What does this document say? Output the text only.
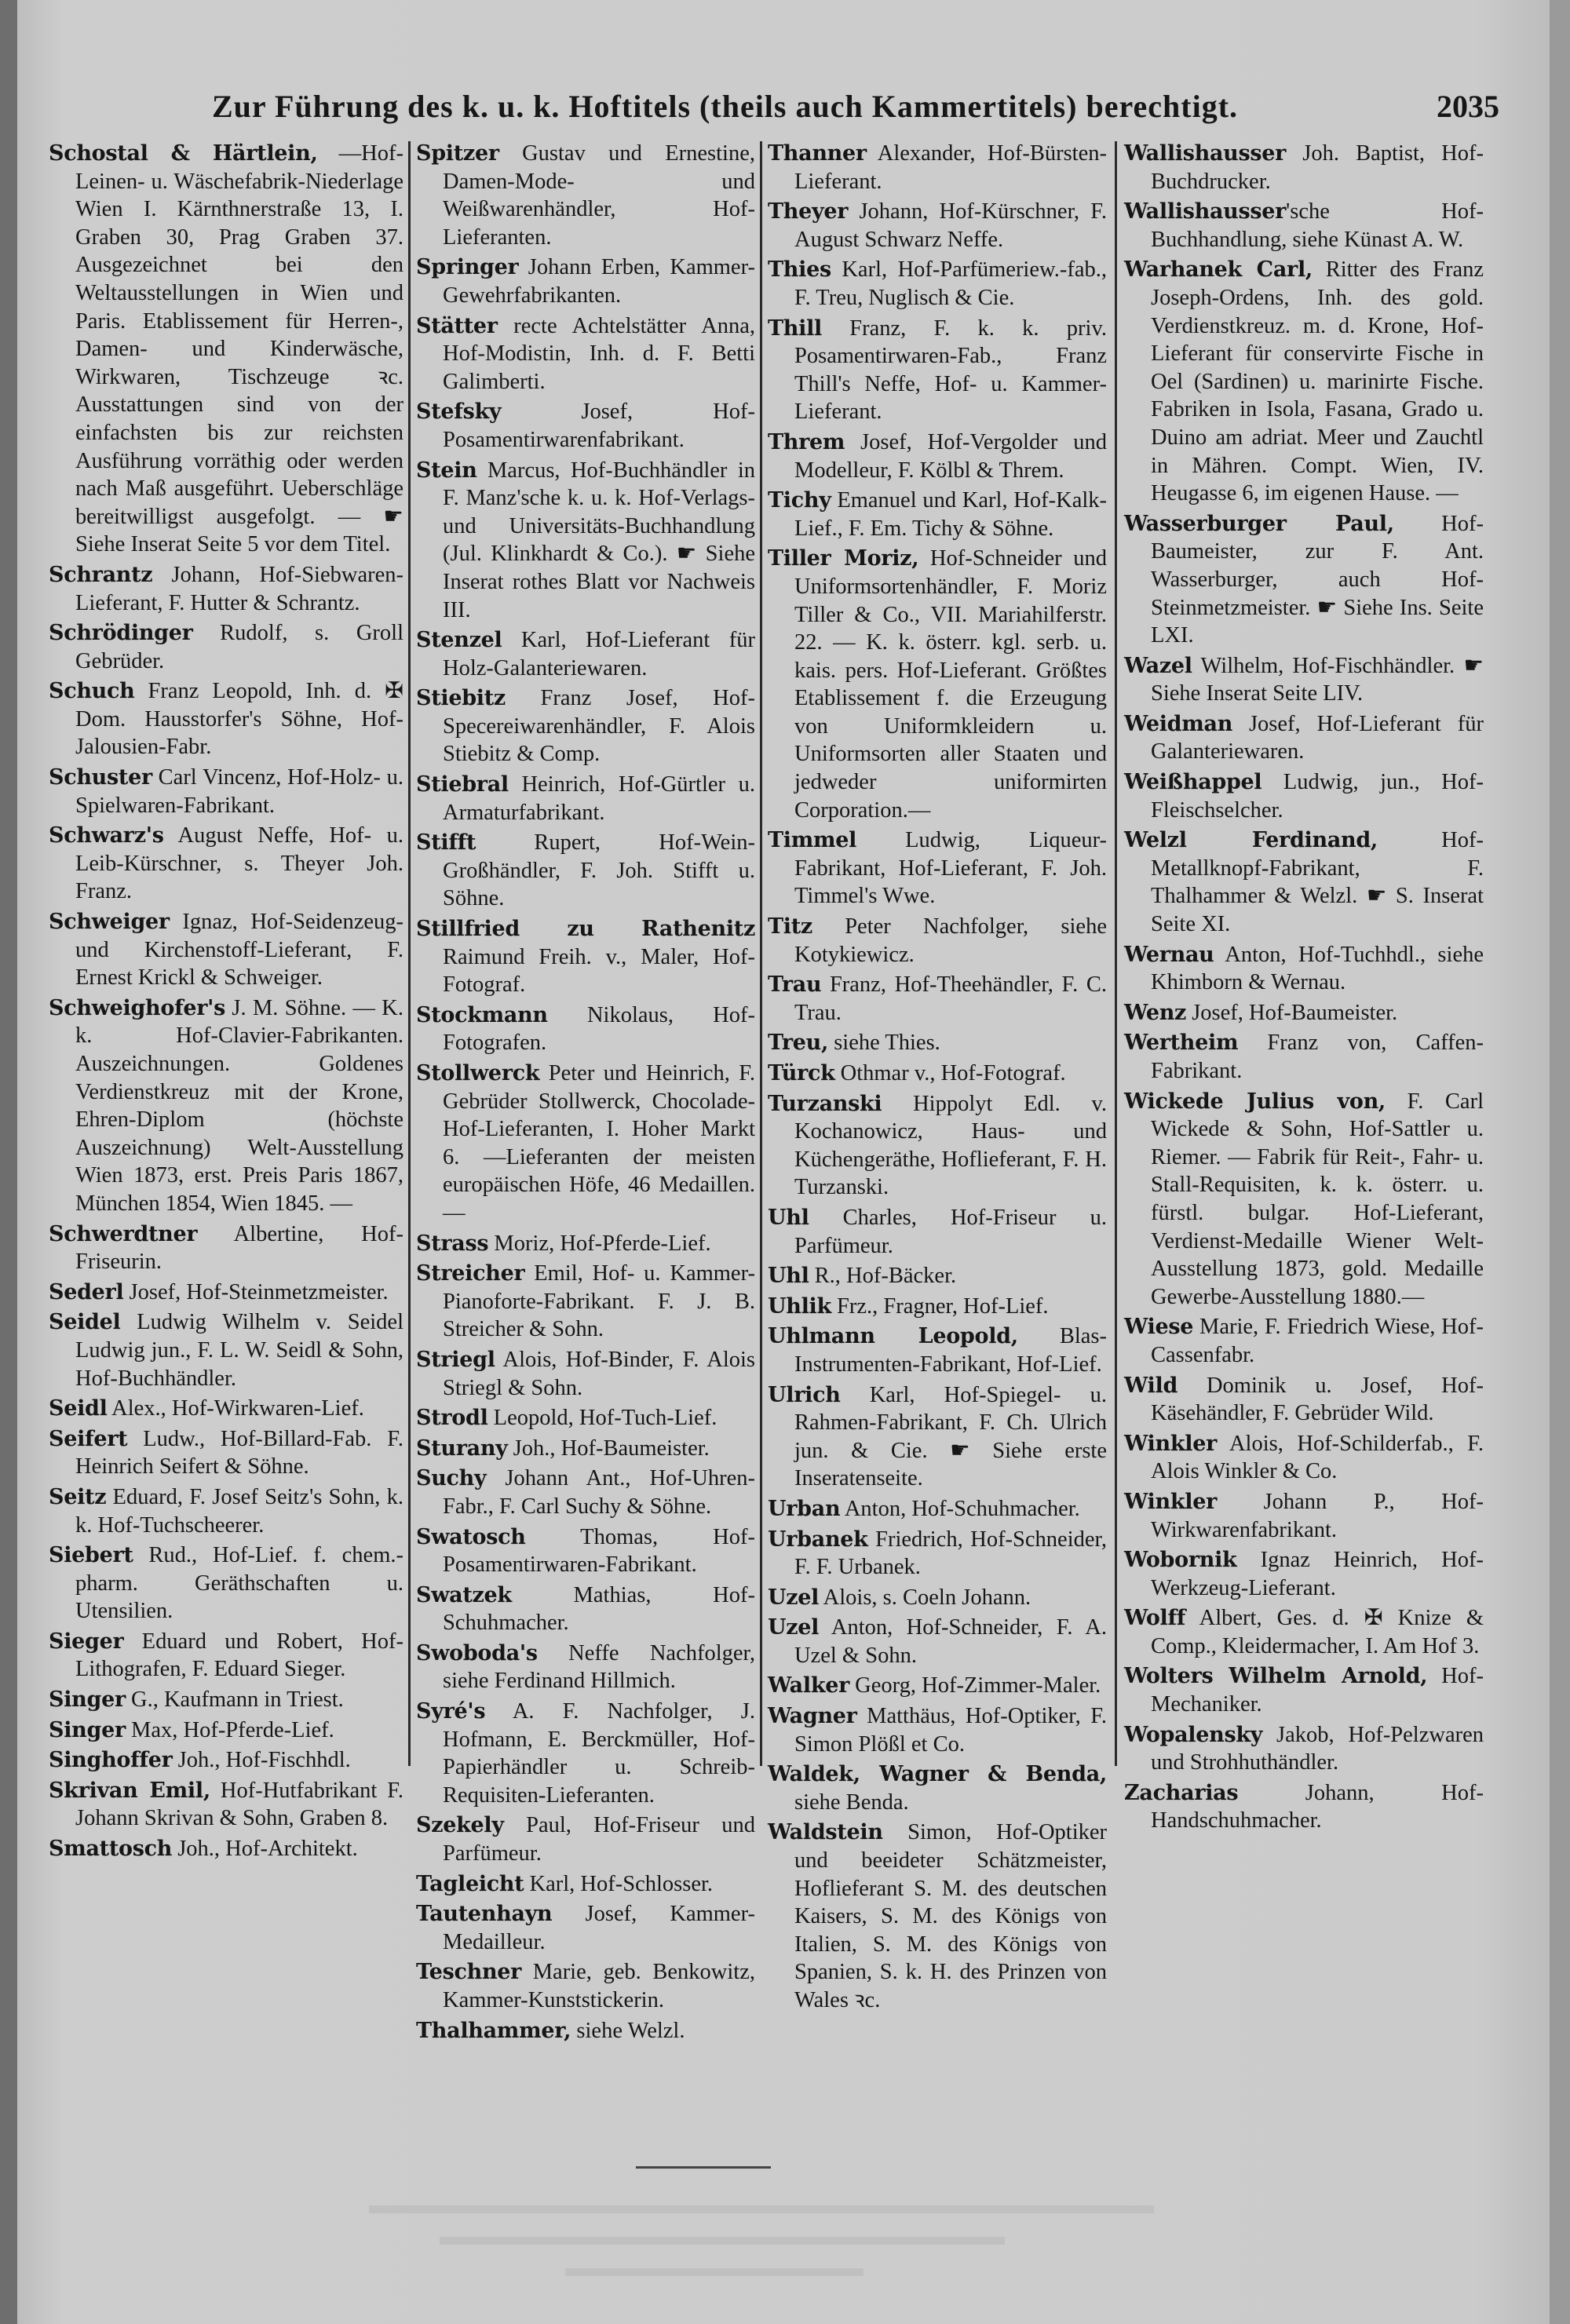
Zur Führung des k. u. k. Hoftitels (theils auch Kammertitels) berechtigt.	2035
Schostal & Härtlein, —Hof-Leinen- u. Wäschefabrik-Niederlage Wien I. Kärnthnerstraße 13, I. Graben 30, Prag Graben 37. Ausgezeichnet bei den Weltausstellungen in Wien und Paris. Etablissement für Herren-, Damen- und Kinderwäsche, Wirkwaren, Tischzeuge ꝛc. Ausstattungen sind von der einfachsten bis zur reichsten Ausführung vorräthig oder werden nach Maß ausgeführt. Ueberschläge bereitwilligst ausgefolgt. — ☛ Siehe Inserat Seite 5 vor dem Titel.
Schrantz Johann, Hof-Siebwaren-Lieferant, F. Hutter & Schrantz.
Schrödinger Rudolf, s. Groll Gebrüder.
Schuch Franz Leopold, Inh. d. ✠ Dom. Hausstorfer's Söhne, Hof-Jalousien-Fabr.
Schuster Carl Vincenz, Hof-Holz- u. Spielwaren-Fabrikant.
Schwarz's August Neffe, Hof- u. Leib-Kürschner, s. Theyer Joh. Franz.
Schweiger Ignaz, Hof-Seidenzeug- und Kirchenstoff-Lieferant, F. Ernest Krickl & Schweiger.
Schweighofer's J. M. Söhne. — K. k. Hof-Clavier-Fabrikanten. Auszeichnungen. Goldenes Verdienstkreuz mit der Krone, Ehren-Diplom (höchste Auszeichnung) Welt-Ausstellung Wien 1873, erst. Preis Paris 1867, München 1854, Wien 1845. —
Schwerdtner Albertine, Hof-Friseurin.
Sederl Josef, Hof-Steinmetzmeister.
Seidel Ludwig Wilhelm v. Seidel Ludwig jun., F. L. W. Seidl & Sohn, Hof-Buchhändler.
Seidl Alex., Hof-Wirkwaren-Lief.
Seifert Ludw., Hof-Billard-Fab. F. Heinrich Seifert & Söhne.
Seitz Eduard, F. Josef Seitz's Sohn, k. k. Hof-Tuchscheerer.
Siebert Rud., Hof-Lief. f. chem.-pharm. Geräthschaften u. Utensilien.
Sieger Eduard und Robert, Hof-Lithografen, F. Eduard Sieger.
Singer G., Kaufmann in Triest.
Singer Max, Hof-Pferde-Lief.
Singhoffer Joh., Hof-Fischhdl.
Skrivan Emil, Hof-Hutfabrikant F. Johann Skrivan & Sohn, Graben 8.
Smattosch Joh., Hof-Architekt.
Spitzer Gustav und Ernestine, Damen-Mode- und Weißwarenhändler, Hof-Lieferanten.
Springer Johann Erben, Kammer-Gewehrfabrikanten.
Stätter recte Achtelstätter Anna, Hof-Modistin, Inh. d. F. Betti Galimberti.
Stefsky Josef, Hof-Posamentirwarenfabrikant.
Stein Marcus, Hof-Buchhändler in F. Manz'sche k. u. k. Hof-Verlags- und Universitäts-Buchhandlung (Jul. Klinkhardt & Co.). ☛ Siehe Inserat rothes Blatt vor Nachweis III.
Stenzel Karl, Hof-Lieferant für Holz-Galanteriewaren.
Stiebitz Franz Josef, Hof-Specereiwarenhändler, F. Alois Stiebitz & Comp.
Stiebral Heinrich, Hof-Gürtler u. Armaturfabrikant.
Stifft Rupert, Hof-Wein-Großhändler, F. Joh. Stifft u. Söhne.
Stillfried zu Rathenitz Raimund Freih. v., Maler, Hof-Fotograf.
Stockmann Nikolaus, Hof-Fotografen.
Stollwerck Peter und Heinrich, F. Gebrüder Stollwerck, Chocolade-Hof-Lieferanten, I. Hoher Markt 6. —Lieferanten der meisten europäischen Höfe, 46 Medaillen.—
Strass Moriz, Hof-Pferde-Lief.
Streicher Emil, Hof- u. Kammer-Pianoforte-Fabrikant. F. J. B. Streicher & Sohn.
Striegl Alois, Hof-Binder, F. Alois Striegl & Sohn.
Strodl Leopold, Hof-Tuch-Lief.
Sturany Joh., Hof-Baumeister.
Suchy Johann Ant., Hof-Uhren-Fabr., F. Carl Suchy & Söhne.
Swatosch Thomas, Hof-Posamentirwaren-Fabrikant.
Swatzek Mathias, Hof-Schuhmacher.
Swoboda's Neffe Nachfolger, siehe Ferdinand Hillmich.
Syré's A. F. Nachfolger, J. Hofmann, E. Berckmüller, Hof-Papierhändler u. Schreib-Requisiten-Lieferanten.
Szekely Paul, Hof-Friseur und Parfümeur.
Tagleicht Karl, Hof-Schlosser.
Tautenhayn Josef, Kammer-Medailleur.
Teschner Marie, geb. Benkowitz, Kammer-Kunststickerin.
Thalhammer, siehe Welzl.
Thanner Alexander, Hof-Bürsten-Lieferant.
Theyer Johann, Hof-Kürschner, F. August Schwarz Neffe.
Thies Karl, Hof-Parfümeriew.-fab., F. Treu, Nuglisch & Cie.
Thill Franz, F. k. k. priv. Posamentirwaren-Fab., Franz Thill's Neffe, Hof- u. Kammer-Lieferant.
Threm Josef, Hof-Vergolder und Modelleur, F. Kölbl & Threm.
Tichy Emanuel und Karl, Hof-Kalk-Lief., F. Em. Tichy & Söhne.
Tiller Moriz, Hof-Schneider und Uniformsortenhändler, F. Moriz Tiller & Co., VII. Mariahilferstr. 22. — K. k. österr. kgl. serb. u. kais. pers. Hof-Lieferant. Größtes Etablissement f. die Erzeugung von Uniformkleidern u. Uniformsorten aller Staaten und jedweder uniformirten Corporation.—
Timmel Ludwig, Liqueur-Fabrikant, Hof-Lieferant, F. Joh. Timmel's Wwe.
Titz Peter Nachfolger, siehe Kotykiewicz.
Trau Franz, Hof-Theehändler, F. C. Trau.
Treu, siehe Thies.
Türck Othmar v., Hof-Fotograf.
Turzanski Hippolyt Edl. v. Kochanowicz, Haus- und Küchengeräthe, Hoflieferant, F. H. Turzanski.
Uhl Charles, Hof-Friseur u. Parfümeur.
Uhl R., Hof-Bäcker.
Uhlik Frz., Fragner, Hof-Lief.
Uhlmann Leopold, Blas-Instrumenten-Fabrikant, Hof-Lief.
Ulrich Karl, Hof-Spiegel- u. Rahmen-Fabrikant, F. Ch. Ulrich jun. & Cie. ☛ Siehe erste Inseratenseite.
Urban Anton, Hof-Schuhmacher.
Urbanek Friedrich, Hof-Schneider, F. F. Urbanek.
Uzel Alois, s. Coeln Johann.
Uzel Anton, Hof-Schneider, F. A. Uzel & Sohn.
Walker Georg, Hof-Zimmer-Maler.
Wagner Matthäus, Hof-Optiker, F. Simon Plößl et Co.
Waldek, Wagner & Benda, siehe Benda.
Waldstein Simon, Hof-Optiker und beeideter Schätzmeister, Hoflieferant S. M. des deutschen Kaisers, S. M. des Königs von Italien, S. M. des Königs von Spanien, S. k. H. des Prinzen von Wales ꝛc.
Wallishausser Joh. Baptist, Hof-Buchdrucker.
Wallishausser'sche Hof-Buchhandlung, siehe Künast A. W.
Warhanek Carl, Ritter des Franz Joseph-Ordens, Inh. des gold. Verdienstkreuz. m. d. Krone, Hof-Lieferant für conservirte Fische in Oel (Sardinen) u. marinirte Fische. Fabriken in Isola, Fasana, Grado u. Duino am adriat. Meer und Zauchtl in Mähren. Compt. Wien, IV. Heugasse 6, im eigenen Hause. —
Wasserburger Paul, Hof-Baumeister, zur F. Ant. Wasserburger, auch Hof-Steinmetzmeister. ☛ Siehe Ins. Seite LXI.
Wazel Wilhelm, Hof-Fischhändler. ☛ Siehe Inserat Seite LIV.
Weidman Josef, Hof-Lieferant für Galanteriewaren.
Weißhappel Ludwig, jun., Hof-Fleischselcher.
Welzl Ferdinand, Hof-Metallknopf-Fabrikant, F. Thalhammer & Welzl. ☛ S. Inserat Seite XI.
Wernau Anton, Hof-Tuchhdl., siehe Khimborn & Wernau.
Wenz Josef, Hof-Baumeister.
Wertheim Franz von, Caffen-Fabrikant.
Wickede Julius von, F. Carl Wickede & Sohn, Hof-Sattler u. Riemer. — Fabrik für Reit-, Fahr- u. Stall-Requisiten, k. k. österr. u. fürstl. bulgar. Hof-Lieferant, Verdienst-Medaille Wiener Welt-Ausstellung 1873, gold. Medaille Gewerbe-Ausstellung 1880.—
Wiese Marie, F. Friedrich Wiese, Hof-Cassenfabr.
Wild Dominik u. Josef, Hof-Käsehändler, F. Gebrüder Wild.
Winkler Alois, Hof-Schilderfab., F. Alois Winkler & Co.
Winkler Johann P., Hof-Wirkwarenfabrikant.
Wobornik Ignaz Heinrich, Hof-Werkzeug-Lieferant.
Wolff Albert, Ges. d. ✠ Knize & Comp., Kleidermacher, I. Am Hof 3.
Wolters Wilhelm Arnold, Hof-Mechaniker.
Wopalensky Jakob, Hof-Pelzwaren und Strohhuthändler.
Zacharias Johann, Hof-Handschuhmacher.
